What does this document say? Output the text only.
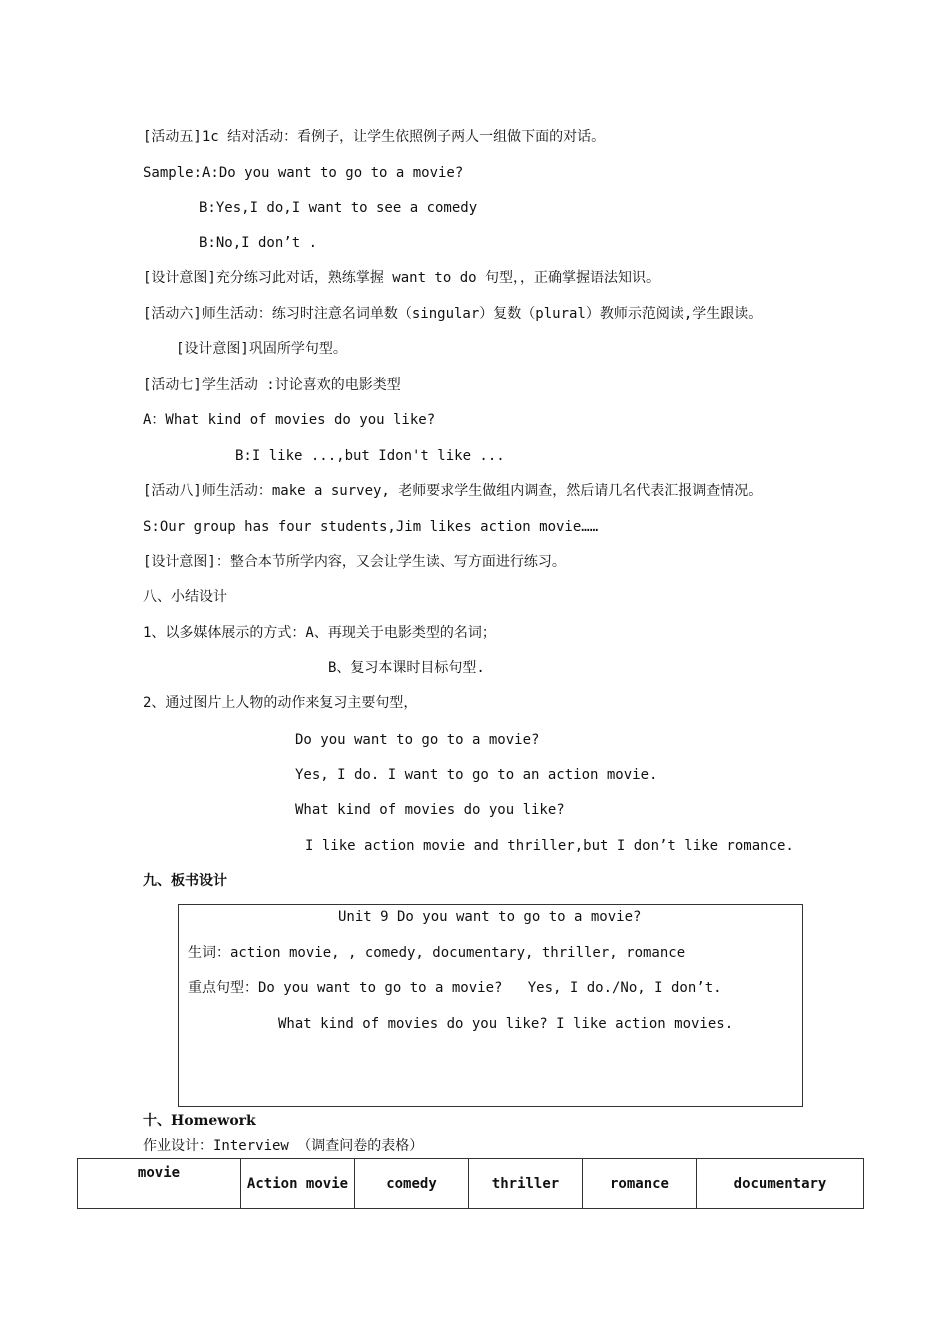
[活动五]1c 结对活动：看例子，让学生依照例子两人一组做下面的对话。
Sample:A:Do you want to go to a movie?
B:Yes,I do,I want to see a comedy
B:No,I don’t .
[设计意图]充分练习此对话，熟练掌握 want to do 句型，，正确掌握语法知识。
[活动六]师生活动：练习时注意名词单数（singular）复数（plural）教师示范阅读,学生跟读。
[设计意图]巩固所学句型。
[活动七]学生活动 :讨论喜欢的电影类型
A：What kind of movies do you like?
B:I like ...,but Idon't like ...
[活动八]师生活动：make a survey, 老师要求学生做组内调查，然后请几名代表汇报调查情况。
S:Our group has four students,Jim likes action movie……
[设计意图]：整合本节所学内容，又会让学生读、写方面进行练习。
八、小结设计
1、以多媒体展示的方式：A、再现关于电影类型的名词；
B、复习本课时目标句型.
2、通过图片上人物的动作来复习主要句型，
Do you want to go to a movie?
Yes, I do. I want to go to an action movie.
What kind of movies do you like?
I like action movie and thriller,but I don’t like romance.
九、板书设计
Unit 9 Do you want to go to a movie?
生词：action movie, , comedy, documentary, thriller, romance
重点句型：Do you want to go to a movie?   Yes, I do./No, I don’t.
What kind of movies do you like? I like action movies.
十、Homework
作业设计：Interview （调查问卷的表格）
movie	Action movie	comedy	thriller	romance	documentary
